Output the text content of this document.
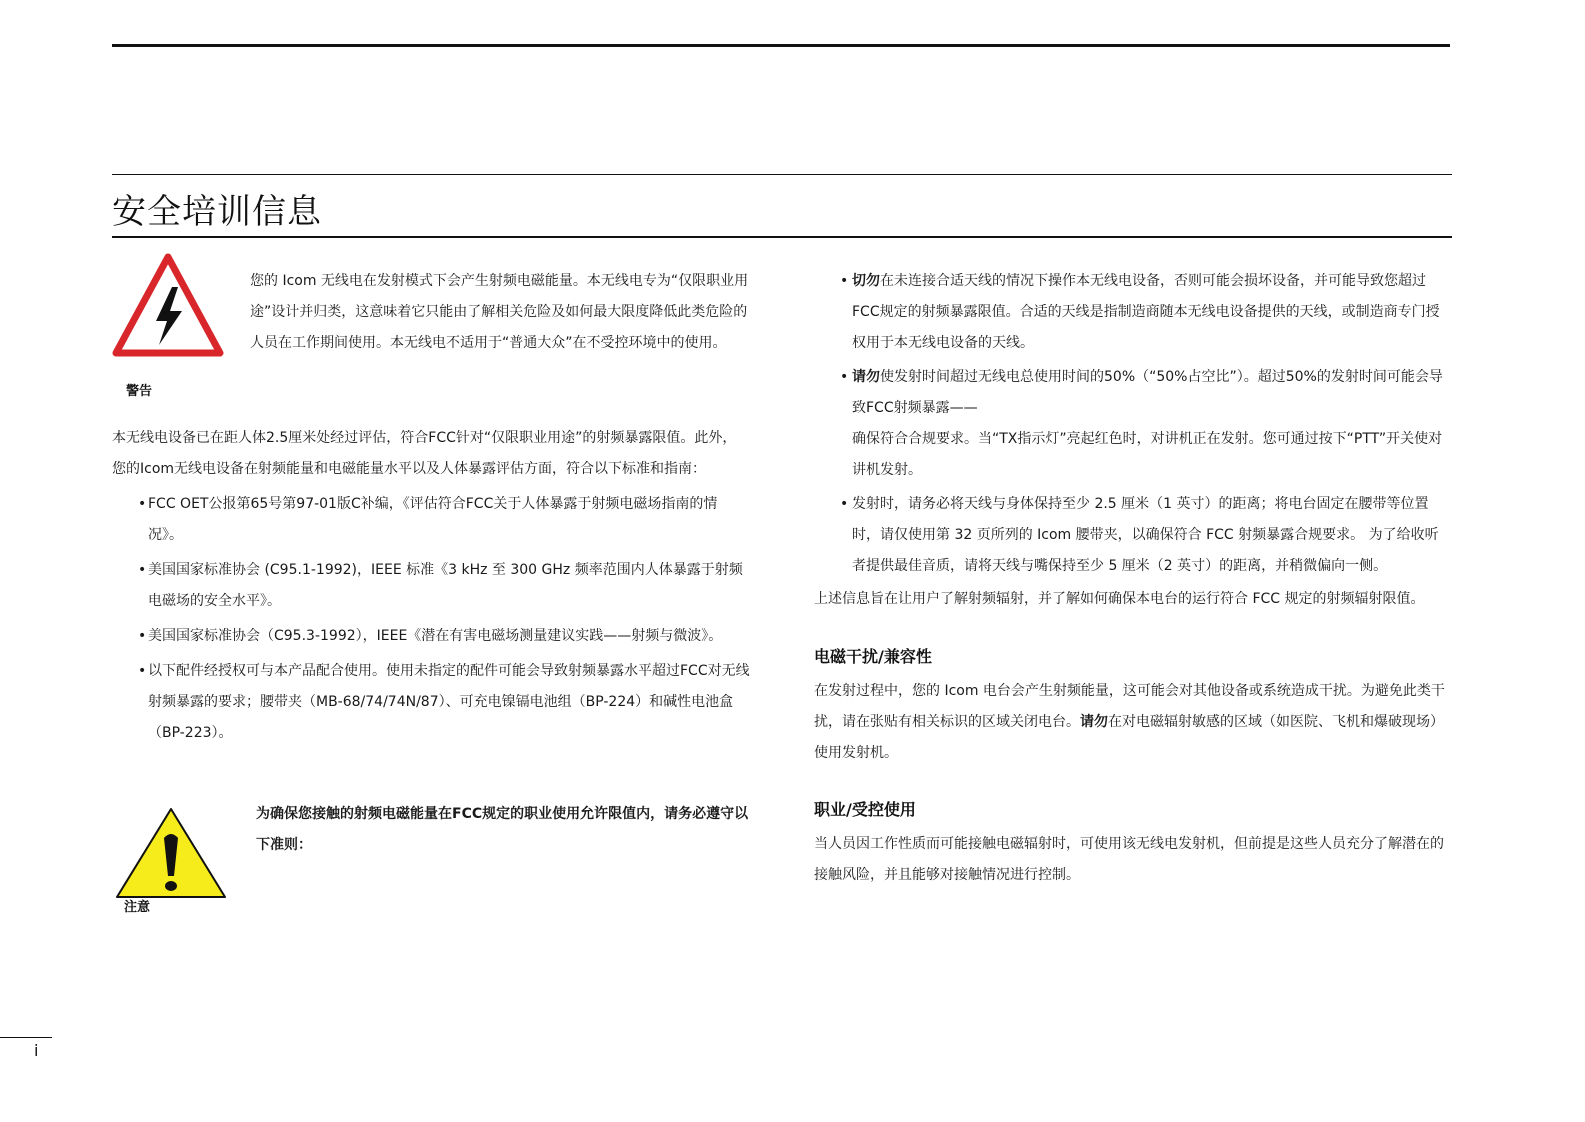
安全培训信息
警告

您的 Icom 无线电在发射模式下会产生射频电磁能量。本无线电专为“仅限职业用途”设计并归类，这意味着它只能由了解相关危险及如何最大限度降低此类危险的人员在工作期间使用。本无线电不适用于“普通大众”在不受控环境中的使用。

本无线电设备已在距人体2.5厘米处经过评估，符合FCC针对“仅限职业用途”的射频暴露限值。此外，您的Icom无线电设备在射频能量和电磁能量水平以及人体暴露评估方面，符合以下标准和指南：

• FCC OET公报第65号第97-01版C补编，《评估符合FCC关于人体暴露于射频电磁场指南的情况》。
• 美国国家标准协会 (C95.1-1992)，IEEE 标准《3 kHz 至 300 GHz 频率范围内人体暴露于射频电磁场的安全水平》。
• 美国国家标准协会（C95.3-1992），IEEE《潜在有害电磁场测量建议实践——射频与微波》。
• 以下配件经授权可与本产品配合使用。使用未指定的配件可能会导致射频暴露水平超过FCC对无线射频暴露的要求；腰带夹（MB-68/74/74N/87）、可充电镍镉电池组（BP-224）和碱性电池盒（BP-223）。
注意

为确保您接触的射频电磁能量在FCC规定的职业使用允许限值内，请务必遵守以下准则：

• 切勿在未连接合适天线的情况下操作本无线电设备，否则可能会损坏设备，并可能导致您超过FCC规定的射频暴露限值。合适的天线是指制造商随本无线电设备提供的天线，或制造商专门授权用于本无线电设备的天线。
• 请勿使发射时间超过无线电总使用时间的50%（“50%占空比”）。超过50%的发射时间可能会导致FCC射频暴露——
确保符合合规要求。当“TX指示灯”亮起红色时，对讲机正在发射。您可通过按下“PTT”开关使对讲机发射。
• 发射时，请务必将天线与身体保持至少 2.5 厘米（1 英寸）的距离；将电台固定在腰带等位置时，请仅使用第 32 页所列的 Icom 腰带夹，以确保符合 FCC 射频暴露合规要求。 为了给收听者提供最佳音质，请将天线与嘴保持至少 5 厘米（2 英寸）的距离，并稍微偏向一侧。

上述信息旨在让用户了解射频辐射，并了解如何确保本电台的运行符合 FCC 规定的射频辐射限值。

电磁干扰/兼容性

在发射过程中，您的 Icom 电台会产生射频能量，这可能会对其他设备或系统造成干扰。为避免此类干扰，请在张贴有相关标识的区域关闭电台。请勿在对电磁辐射敏感的区域（如医院、飞机和爆破现场）使用发射机。

职业/受控使用

当人员因工作性质而可能接触电磁辐射时，可使用该无线电发射机，但前提是这些人员充分了解潜在的接触风险，并且能够对接触情况进行控制。

i
